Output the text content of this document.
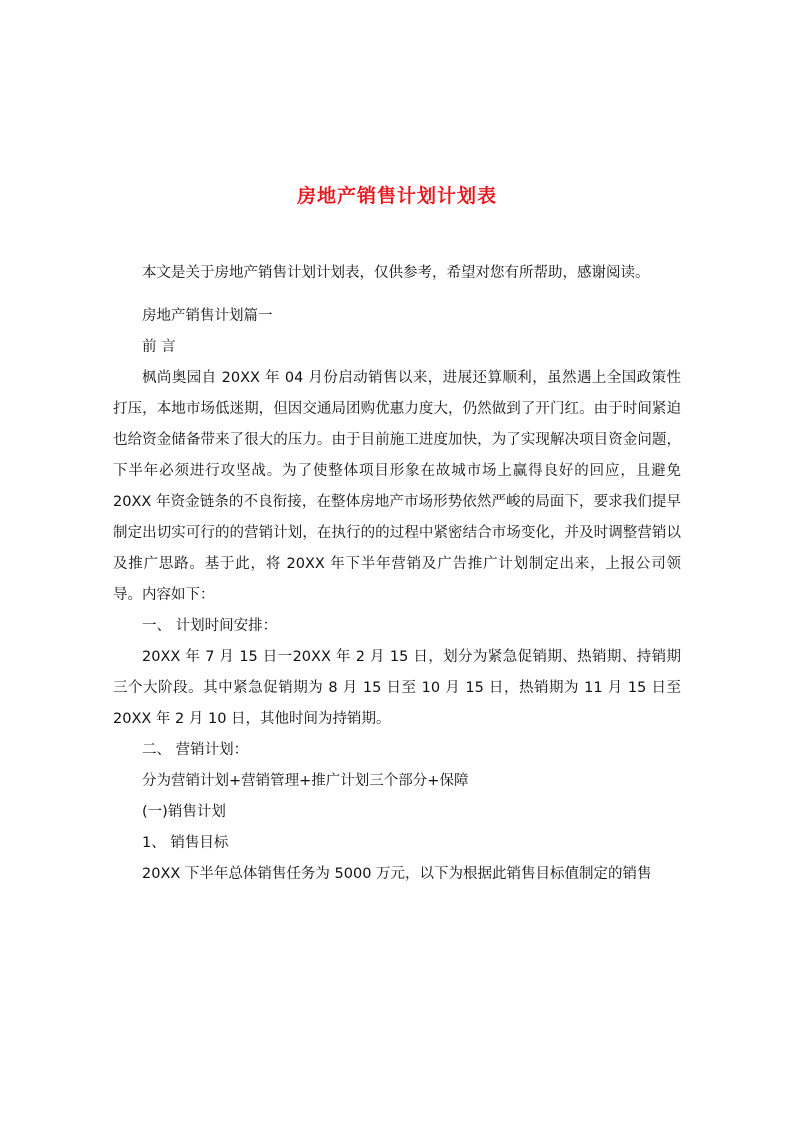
房地产销售计划计划表

本文是关于房地产销售计划计划表，仅供参考，希望对您有所帮助，感谢阅读。

房地产销售计划篇一

前 言

枫尚奥园自 20XX 年 04 月份启动销售以来，进展还算顺利，虽然遇上全国政策性打压，本地市场低迷期，但因交通局团购优惠力度大，仍然做到了开门红。由于时间紧迫也给资金储备带来了很大的压力。由于目前施工进度加快，为了实现解决项目资金问题，下半年必须进行攻坚战。为了使整体项目形象在故城市场上赢得良好的回应，且避免 20XX 年资金链条的不良衔接，在整体房地产市场形势依然严峻的局面下，要求我们提早制定出切实可行的的营销计划，在执行的的过程中紧密结合市场变化，并及时调整营销以及推广思路。基于此，将 20XX 年下半年营销及广告推广计划制定出来，上报公司领导。内容如下：

一、 计划时间安排：

20XX 年 7 月 15 日一20XX 年 2 月 15 日，划分为紧急促销期、热销期、持销期三个大阶段。其中紧急促销期为 8 月 15 日至 10 月 15 日，热销期为 11 月 15 日至 20XX 年 2 月 10 日，其他时间为持销期。

二、 营销计划：

分为营销计划+营销管理+推广计划三个部分+保障

(一)销售计划

1、 销售目标

20XX 下半年总体销售任务为 5000 万元，以下为根据此销售目标值制定的销售
